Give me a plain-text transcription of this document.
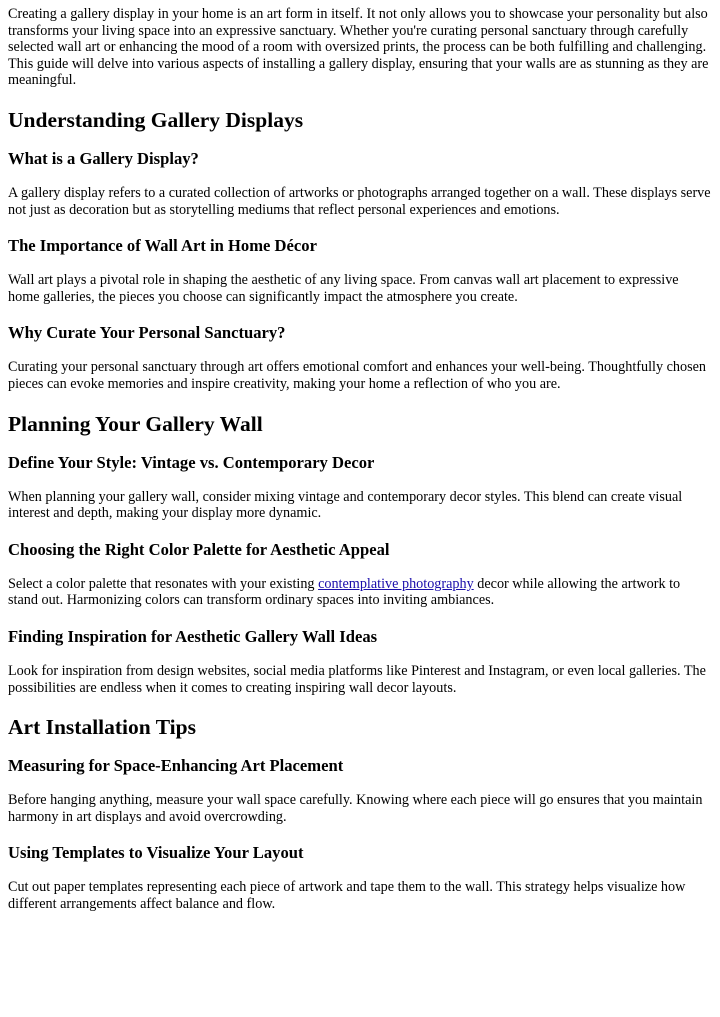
Creating a gallery display in your home is an art form in itself. It not only allows you to showcase your personality but also transforms your living space into an expressive sanctuary. Whether you're curating personal sanctuary through carefully selected wall art or enhancing the mood of a room with oversized prints, the process can be both fulfilling and challenging. This guide will delve into various aspects of installing a gallery display, ensuring that your walls are as stunning as they are meaningful.

Understanding Gallery Displays
What is a Gallery Display?

A gallery display refers to a curated collection of artworks or photographs arranged together on a wall. These displays serve not just as decoration but as storytelling mediums that reflect personal experiences and emotions.

The Importance of Wall Art in Home Décor

Wall art plays a pivotal role in shaping the aesthetic of any living space. From canvas wall art placement to expressive home galleries, the pieces you choose can significantly impact the atmosphere you create.

Why Curate Your Personal Sanctuary?

Curating your personal sanctuary through art offers emotional comfort and enhances your well-being. Thoughtfully chosen pieces can evoke memories and inspire creativity, making your home a reflection of who you are.

Planning Your Gallery Wall
Define Your Style: Vintage vs. Contemporary Decor

When planning your gallery wall, consider mixing vintage and contemporary decor styles. This blend can create visual interest and depth, making your display more dynamic.

Choosing the Right Color Palette for Aesthetic Appeal

Select a color palette that resonates with your existing contemplative photography decor while allowing the artwork to stand out. Harmonizing colors can transform ordinary spaces into inviting ambiances.

Finding Inspiration for Aesthetic Gallery Wall Ideas

Look for inspiration from design websites, social media platforms like Pinterest and Instagram, or even local galleries. The possibilities are endless when it comes to creating inspiring wall decor layouts.

Art Installation Tips
Measuring for Space-Enhancing Art Placement

Before hanging anything, measure your wall space carefully. Knowing where each piece will go ensures that you maintain harmony in art displays and avoid overcrowding.

Using Templates to Visualize Your Layout

Cut out paper templates representing each piece of artwork and tape them to the wall. This strategy helps visualize how different arrangements affect balance and flow.
